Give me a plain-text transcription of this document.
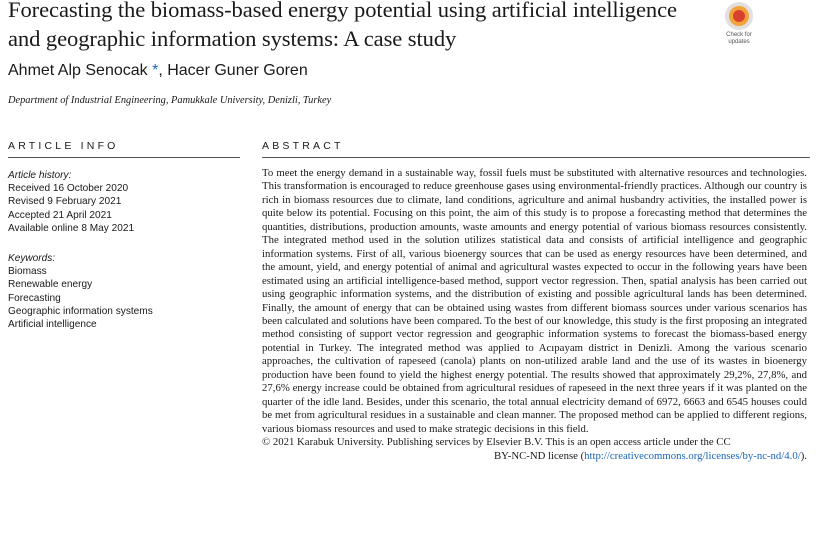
Forecasting the biomass-based energy potential using artificial intelligence and geographic information systems: A case study	Check for
updates
Ahmet Alp Senocak *, Hacer Guner Goren
Department of Industrial Engineering, Pamukkale University, Denizli, Turkey
ARTICLE INFO	ABSTRACT
Article history:
Received 16 October 2020
Revised 9 February 2021
Accepted 21 April 2021
Available online 8 May 2021
Keywords:
Biomass
Renewable energy
Forecasting
Geographic information systems
Artificial intelligence

To meet the energy demand in a sustainable way, fossil fuels must be substituted with alternative resources and technologies. This transformation is encouraged to reduce greenhouse gases using environmental-friendly practices. Although our country is rich in biomass resources due to climate, land conditions, agriculture and animal husbandry activities, the installed power is quite below its potential. Focusing on this point, the aim of this study is to propose a forecasting method that determines the quantities, distributions, production amounts, waste amounts and energy potential of various biomass resources consistently. The integrated method used in the solution utilizes statistical data and consists of artificial intelligence and geographic information systems. First of all, various bioenergy sources that can be used as energy resources have been determined, and the amount, yield, and energy potential of animal and agricultural wastes expected to occur in the following years have been estimated using an artificial intelligence-based method, support vector regression. Then, spatial analysis has been carried out using geographic information systems, and the distribution of existing and possible agricultural lands has been determined. Finally, the amount of energy that can be obtained using wastes from different biomass sources under various scenarios has been calculated and solutions have been compared. To the best of our knowledge, this study is the first proposing an integrated method consisting of support vector regression and geographic information systems to forecast the biomass-based energy potential in Turkey. The integrated method was applied to Acıpayam district in Denizli. Among the various scenario approaches, the cultivation of rapeseed (canola) plants on non-utilized arable land and the use of its wastes in bioenergy production have been found to yield the highest energy potential. The results showed that approximately 29,2%, 27,8%, and 27,6% energy increase could be obtained from agricultural residues of rapeseed in the next three years if it was planted on the quarter of the idle land. Besides, under this scenario, the total annual electricity demand of 6972, 6663 and 6545 houses could be met from agricultural residues in a sustainable and clean manner. The proposed method can be applied to different regions, various biomass resources and used to make strategic decisions in this field.

© 2021 Karabuk University. Publishing services by Elsevier B.V. This is an open access article under the CC

BY-NC-ND license (http://creativecommons.org/licenses/by-nc-nd/4.0/).
